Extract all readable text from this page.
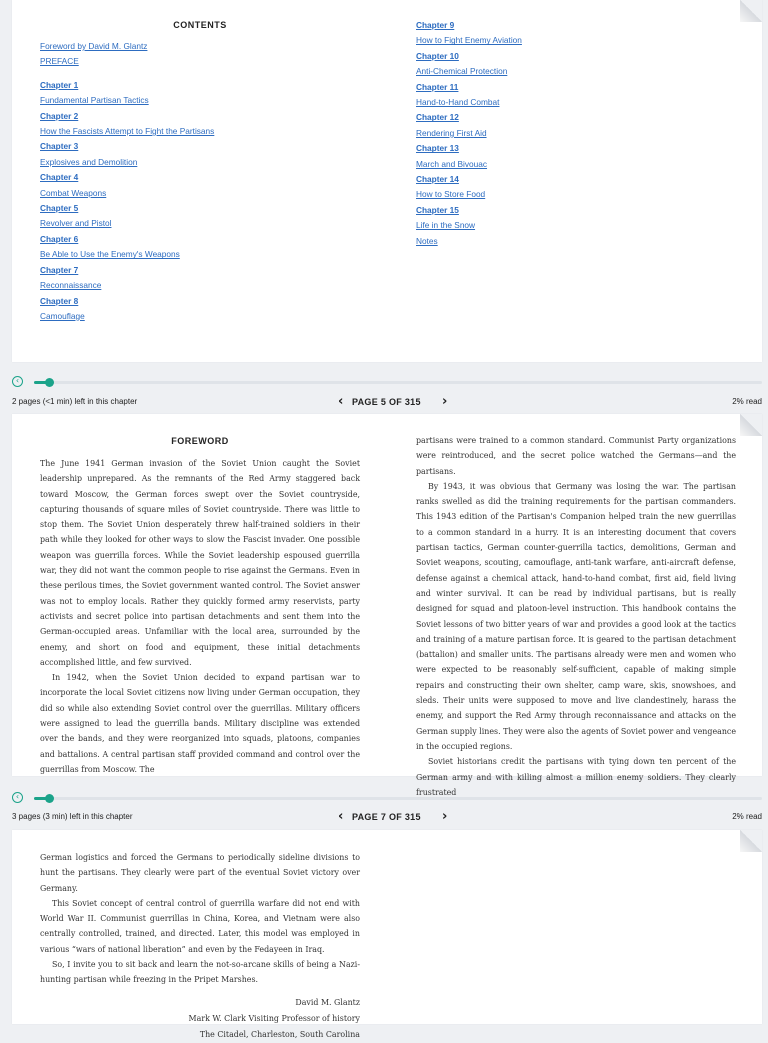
CONTENTS
Foreword by David M. Glantz
PREFACE
Chapter 1
Fundamental Partisan Tactics
Chapter 2
How the Fascists Attempt to Fight the Partisans
Chapter 3
Explosives and Demolition
Chapter 4
Combat Weapons
Chapter 5
Revolver and Pistol
Chapter 6
Be Able to Use the Enemy's Weapons
Chapter 7
Reconnaissance
Chapter 8
Camouflage
Chapter 9
How to Fight Enemy Aviation
Chapter 10
Anti-Chemical Protection
Chapter 11
Hand-to-Hand Combat
Chapter 12
Rendering First Aid
Chapter 13
March and Bivouac
Chapter 14
How to Store Food
Chapter 15
Life in the Snow
Notes
‹
2 pages (<1 min) left in this chapter	‹ PAGE 5 OF 315 ›	2% read
FOREWORD

The June 1941 German invasion of the Soviet Union caught the Soviet leadership unprepared. As the remnants of the Red Army staggered back toward Moscow, the German forces swept over the Soviet countryside, capturing thousands of square miles of Soviet countryside. There was little to stop them. The Soviet Union desperately threw half-trained soldiers in their path while they looked for other ways to slow the Fascist invader. One possible weapon was guerrilla forces. While the Soviet leadership espoused guerrilla war, they did not want the common people to rise against the Germans. Even in these perilous times, the Soviet government wanted control. The Soviet answer was not to employ locals. Rather they quickly formed army reservists, party activists and secret police into partisan detachments and sent them into the German-occupied areas. Unfamiliar with the local area, surrounded by the enemy, and short on food and equipment, these initial detachments accomplished little, and few survived.

In 1942, when the Soviet Union decided to expand partisan war to incorporate the local Soviet citizens now living under German occupation, they did so while also extending Soviet control over the guerrillas. Military officers were assigned to lead the guerrilla bands. Military discipline was extended over the bands, and they were reorganized into squads, platoons, companies and battalions. A central partisan staff provided command and control over the guerrillas from Moscow. The

partisans were trained to a common standard. Communist Party organizations were reintroduced, and the secret police watched the Germans—and the partisans.

By 1943, it was obvious that Germany was losing the war. The partisan ranks swelled as did the training requirements for the partisan commanders. This 1943 edition of the Partisan's Companion helped train the new guerrillas to a common standard in a hurry. It is an interesting document that covers partisan tactics, German counter-guerrilla tactics, demolitions, German and Soviet weapons, scouting, camouflage, anti-tank warfare, anti-aircraft defense, defense against a chemical attack, hand-to-hand combat, first aid, field living and winter survival. It can be read by individual partisans, but is really designed for squad and platoon-level instruction. This handbook contains the Soviet lessons of two bitter years of war and provides a good look at the tactics and training of a mature partisan force. It is geared to the partisan detachment (battalion) and smaller units. The partisans already were men and women who were expected to be reasonably self-sufficient, capable of making simple repairs and constructing their own shelter, camp ware, skis, snowshoes, and sleds. Their units were supposed to move and live clandestinely, harass the enemy, and support the Red Army through reconnaissance and attacks on the German supply lines. They were also the agents of Soviet power and vengeance in the occupied regions.

Soviet historians credit the partisans with tying down ten percent of the German army and with killing almost a million enemy soldiers. They clearly frustrated

‹
3 pages (3 min) left in this chapter	‹ PAGE 7 OF 315 ›	2% read

German logistics and forced the Germans to periodically sideline divisions to hunt the partisans. They clearly were part of the eventual Soviet victory over Germany.

This Soviet concept of central control of guerrilla warfare did not end with World War II. Communist guerrillas in China, Korea, and Vietnam were also centrally controlled, trained, and directed. Later, this model was employed in various “wars of national liberation” and even by the Fedayeen in Iraq.

So, I invite you to sit back and learn the not-so-arcane skills of being a Nazi-hunting partisan while freezing in the Pripet Marshes.

David M. Glantz
Mark W. Clark Visiting Professor of history
The Citadel, Charleston, South Carolina
